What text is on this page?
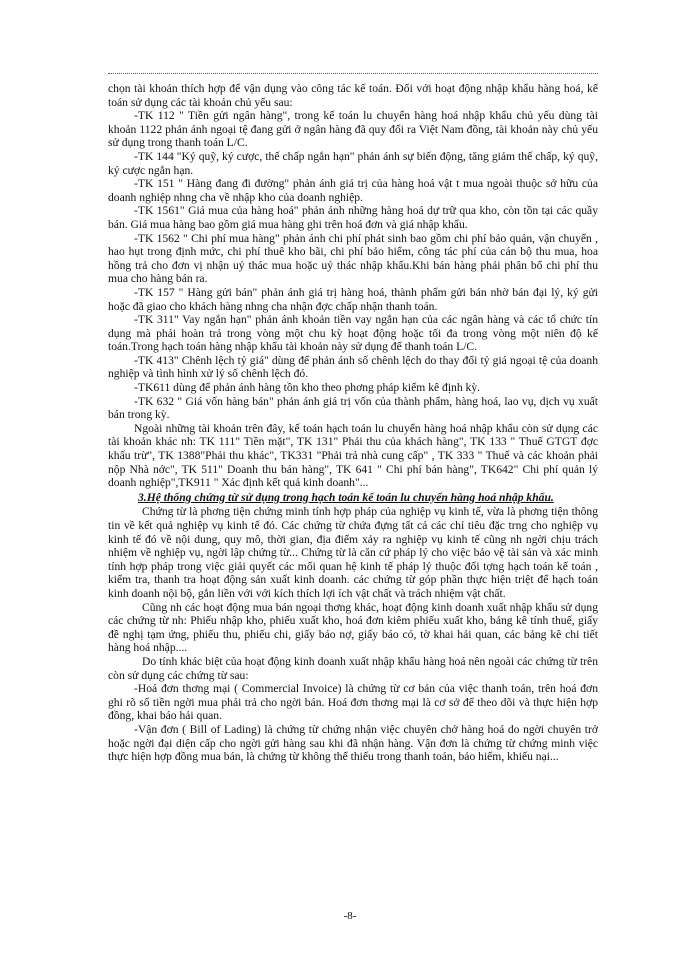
chọn tài khoản thích hợp để vận dụng vào công tác kế toán. Đối với hoạt động nhập khẩu hàng hoá, kế toán sử dụng các tài khoản chủ yếu sau:

-TK 112 " Tiền gửi ngân hàng", trong kế toán lu chuyển hàng hoá nhập khẩu chủ yếu dùng tài khoản 1122 phản ánh ngoại tệ đang gửi ở ngân hàng đã quy đổi ra Việt Nam đồng, tài khoản này chủ yếu sử dụng trong thanh toán L/C.

-TK 144 "Ký quỹ, ký cược, thế chấp ngắn hạn" phản ánh sự biến động, tăng giảm thế chấp, ký quỹ, ký cược ngắn hạn.

-TK 151 " Hàng đang đi đường" phản ánh giá trị của hàng hoá vật t mua ngoài thuộc sở hữu của doanh nghiệp nhng cha về nhập kho của doanh nghiệp.

-TK 1561" Giá mua của hàng hoá" phản ánh những hàng hoá dự trữ qua kho, còn tồn tại các quầy bán. Giá mua hàng bao gồm giá mua hàng ghi trên hoá đơn và giá nhập khẩu.

-TK 1562 " Chi phí mua hàng" phản ánh chi phí phát sinh bao gồm chi phí bảo quản, vận chuyển , hao hụt trong định mức, chi phí thuê kho bãi, chi phí bảo hiểm, công tác phí của cán bộ thu mua, hoa hồng trả cho đơn vị nhận uỷ thác mua hoặc uỷ thác nhập khẩu.Khi bán hàng phải phân bổ chi phí thu mua cho hàng bán ra.

-TK 157 " Hàng gửi bán" phản ánh giá trị hàng hoá, thành phẩm gửi bán nhờ bán đại lý, ký gửi hoặc đã giao cho khách hàng nhng cha nhận đợc chấp nhận thanh toán.

-TK 311" Vay ngắn hạn" phản ánh khoản tiền vay ngắn hạn của các ngân hàng và các tổ chức tín dụng mà phải hoàn trả trong vòng một chu kỳ hoạt động hoặc tối đa trong vòng một niên độ kế toán.Trong hạch toán hàng nhập khẩu tài khoản này sử dụng để thanh toán L/C.

-TK 413" Chênh lệch tỷ giá" dùng để phản ánh số chênh lệch do thay đổi tỷ giá ngoại tệ của doanh nghiệp và tình hình xử lý số chênh lệch đó.

-TK611 dùng để phản ánh hàng tồn kho theo phơng pháp kiểm kê định kỳ.

-TK 632 " Giá vốn hàng bán" phản ánh giá trị vốn của thành phẩm, hàng hoá, lao vụ, dịch vụ xuất bán trong kỳ.

Ngoài những tài khoản trên đây, kế toán hạch toán lu chuyển hàng hoá nhập khẩu còn sử dụng các tài khoản khác nh: TK 111" Tiền mặt", TK 131" Phải thu của khách hàng", TK 133 " Thuế GTGT đợc khấu trừ", TK 1388"Phải thu khác", TK331 "Phải trả nhà cung cấp" , TK 333 " Thuế và các khoản phải nộp Nhà nớc", TK 511" Doanh thu bán hàng", TK 641 " Chi phí bán hàng", TK642" Chi phí quản lý doanh nghiệp",TK911 " Xác định kết quả kinh doanh"...

3.Hệ thống chứng từ sử dụng trong hạch toán kế toán lu chuyển hàng hoá nhập khẩu.

Chứng từ là phơng tiện chứng minh tính hợp pháp của nghiệp vụ kinh tế, vừa là phơng tiện thông tin về kết quả nghiệp vụ kinh tế đó. Các chứng từ chứa đựng tất cả các chỉ tiêu đặc trng cho nghiệp vụ kinh tế đó về nội dung, quy mô, thời gian, địa điểm xảy ra nghiệp vụ kinh tế cũng nh ngời chịu trách nhiệm về nghiệp vụ, ngời lập chứng từ... Chứng từ là căn cứ pháp lý cho việc bảo vệ tài sản và xác minh tính hợp pháp trong việc giải quyết các mối quan hệ kinh tế pháp lý thuộc đối tợng hạch toán kế toán , kiểm tra, thanh tra hoạt động sản xuất kinh doanh. các chứng từ góp phần thực hiện triệt để hạch toán kinh doanh nội bộ, gắn liền với với kích thích lợi ích vật chất và trách nhiệm vật chất.

Cũng nh các hoạt động mua bán ngoại thơng khác, hoạt động kinh doanh xuất nhập khẩu sử dụng các chứng từ nh: Phiếu nhập kho, phiếu xuất kho, hoá đơn kiêm phiếu xuất kho, bảng kê tính thuế, giấy đề nghị tạm ứng, phiếu thu, phiếu chi, giấy báo nợ, giấy báo có, tờ khai hải quan, các bảng kê chi tiết hàng hoá nhập....

Do tính khác biệt của hoạt động kinh doanh xuất nhập khẩu hàng hoá nên ngoài các chứng từ trên còn sử dụng các chứng từ sau:

-Hoá đơn thơng mại ( Commercial Invoice) là chứng từ cơ bản của việc thanh toán, trên hoá đơn ghi rõ số tiền ngời mua phải trả cho ngời bán. Hoá đơn thơng mại là cơ sở để theo dõi và thực hiện hợp đồng, khai báo hải quan.

-Vận đơn ( Bill of Lading) là chứng từ chứng nhận việc chuyên chở hàng hoá do ngời chuyên trở hoặc ngời đại diện cấp cho ngời gửi hàng sau khi đã nhận hàng. Vận đơn là chứng từ chứng minh việc thực hiện hợp đồng mua bán, là chứng từ không thể thiếu trong thanh toán, bảo hiểm, khiếu nại...

-8-
